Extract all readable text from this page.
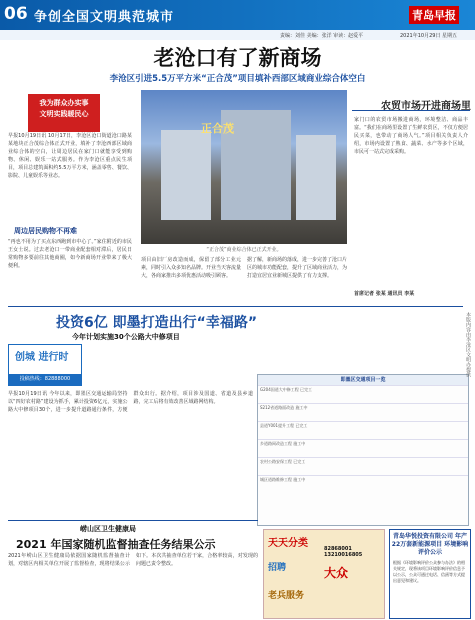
06 争创全国文明典范城市	青岛早报
责编：刘佳 美编：张洋 审读：赵爱平	2021年10月29日 星期五
老沧口有了新商场
李沧区引进5.5万平方米“正合茂”项目填补西部区域商业综合体空白
我为群众办实事
文明实践暖民心
早报10月19日讯 10月17日，李沧区沧口街道沧口路某某地块正合茂综合体正式开业，填补了李沧西部区域商业综合体的空白，让周边居民在家门口就能享受到购物、休闲、娱乐一站式服务。作为李沧区重点民生项目，项目总建筑面积约5.5万平方米，涵盖零售、餐饮、影院、儿童娱乐等业态。
周边居民购物不再难
“再也不用为了买点东西跑到市中心了。”家住附近的市民王女士说。过去老沧口一带商业配套相对滞后，居民日常购物多要前往其他商圈，如今新商场开业带来了极大便利。
正合茂
“正合茂”商业综合体已正式开业。
项目由旧厂房改造而成，保留了部分工业元素，同时引入众多知名品牌。开业当天客流量大，各商家推出多项优惠活动吸引顾客。
据了解，新商场的落成，进一步完善了沧口片区的城市功能配套，提升了区域商业活力，为打造宜居宜业新城区提供了有力支撑。
农贸市场开进商场里
家门口的农贸市场搬进商场，环境整洁、商品丰富。“我们在商场里设置了生鲜农贸区，不仅方便居民买菜，也带动了商场人气。”项目相关负责人介绍，市场内设置了熟食、蔬菜、水产等多个区域，市民可一站式完成采购。
首席记者 张某 通讯员 李某
投资6亿 即墨打造出行“幸福路”
今年计划实施30个公路大中修项目
创城 进行时
投稿热线：82888000
早报10月19日讯 今年以来，即墨区交通运输局坚持以“四好农村路”建设为抓手，累计投资6亿元，实施公路大中修项目30个，进一步提升道路通行条件，方便群众出行。据介绍，项目涉及国道、省道及县乡道路，完工后将有效改善区域路网结构。
即墨区交通项目一览
G204国道大中修工程 已完工
S212省道路面改造 施工中
县道Y001提升工程 已完工
乡道路网改造工程 施工中
农村公路安保工程 已完工
城区道路维修工程 施工中
崂山区卫生健康局
2021 年国家随机监督抽查任务结果公示
2021年崂山区卫生健康局依据国家随机监督抽查计划，对辖区内相关单位开展了监督检查，现将结果公示如下。本次共抽查单位若干家，合格率较高，对发现的问题已责令整改。
天天分类	82868001 13210016805
招聘	大众
老兵服务
青岛华悦投资有限公司 年产22万套新能源项目 环境影响评价公示
根据《环境影响评价公众参与办法》的相关规定，现将该项目环境影响评价信息予以公示，公众可通过电话、信函等方式提出意见和建议。
本版内容由李沧区文明办提供
